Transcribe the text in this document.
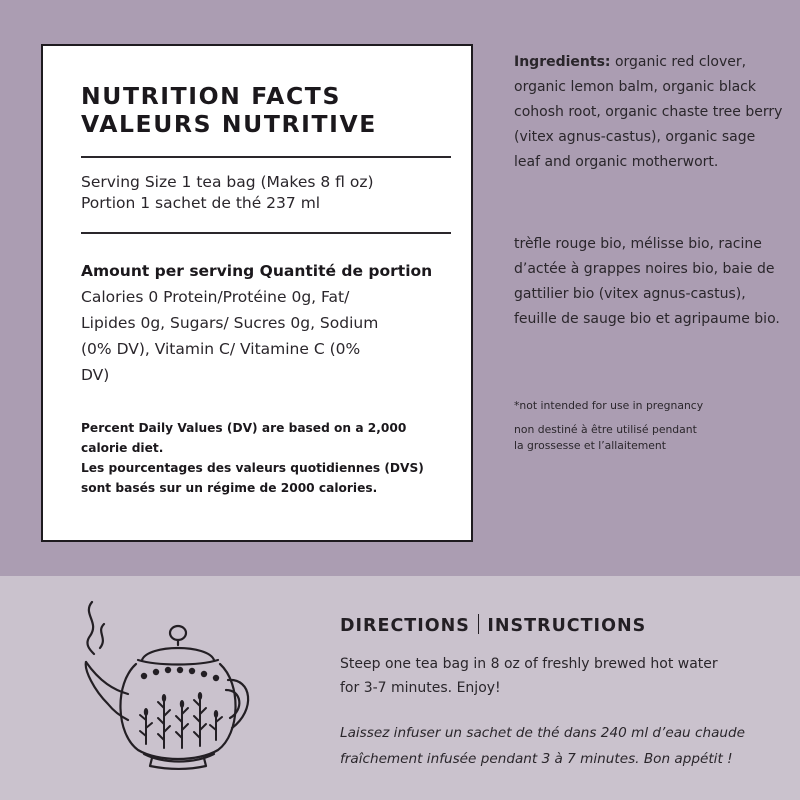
NUTRITION FACTS
VALEURS NUTRITIVE
Serving Size 1 tea bag (Makes 8 fl oz)
Portion 1 sachet de thé 237 ml
Amount per serving Quantité de portion
Calories 0 Protein/Protéine 0g, Fat/
Lipides 0g, Sugars/ Sucres 0g, Sodium
(0% DV), Vitamin C/ Vitamine C (0%
DV)
Percent Daily Values (DV) are based on a 2,000
calorie diet.
Les pourcentages des valeurs quotidiennes (DVS)
sont basés sur un régime de 2000 calories.
Ingredients: organic red clover, organic lemon balm, organic black cohosh root, organic chaste tree berry (vitex agnus-castus), organic sage leaf and organic motherwort.
trèfle rouge bio, mélisse bio, racine d’actée à grappes noires bio, baie de gattilier bio (vitex agnus-castus), feuille de sauge bio et agripaume bio.
*not intended for use in pregnancy
non destiné à être utilisé pendant
la grossesse et l’allaitement
DIRECTIONS INSTRUCTIONS
Steep one tea bag in 8 oz of freshly brewed hot water
for 3-7 minutes. Enjoy!
Laissez infuser un sachet de thé dans 240 ml d’eau chaude
fraîchement infusée pendant 3 à 7 minutes. Bon appétit !
